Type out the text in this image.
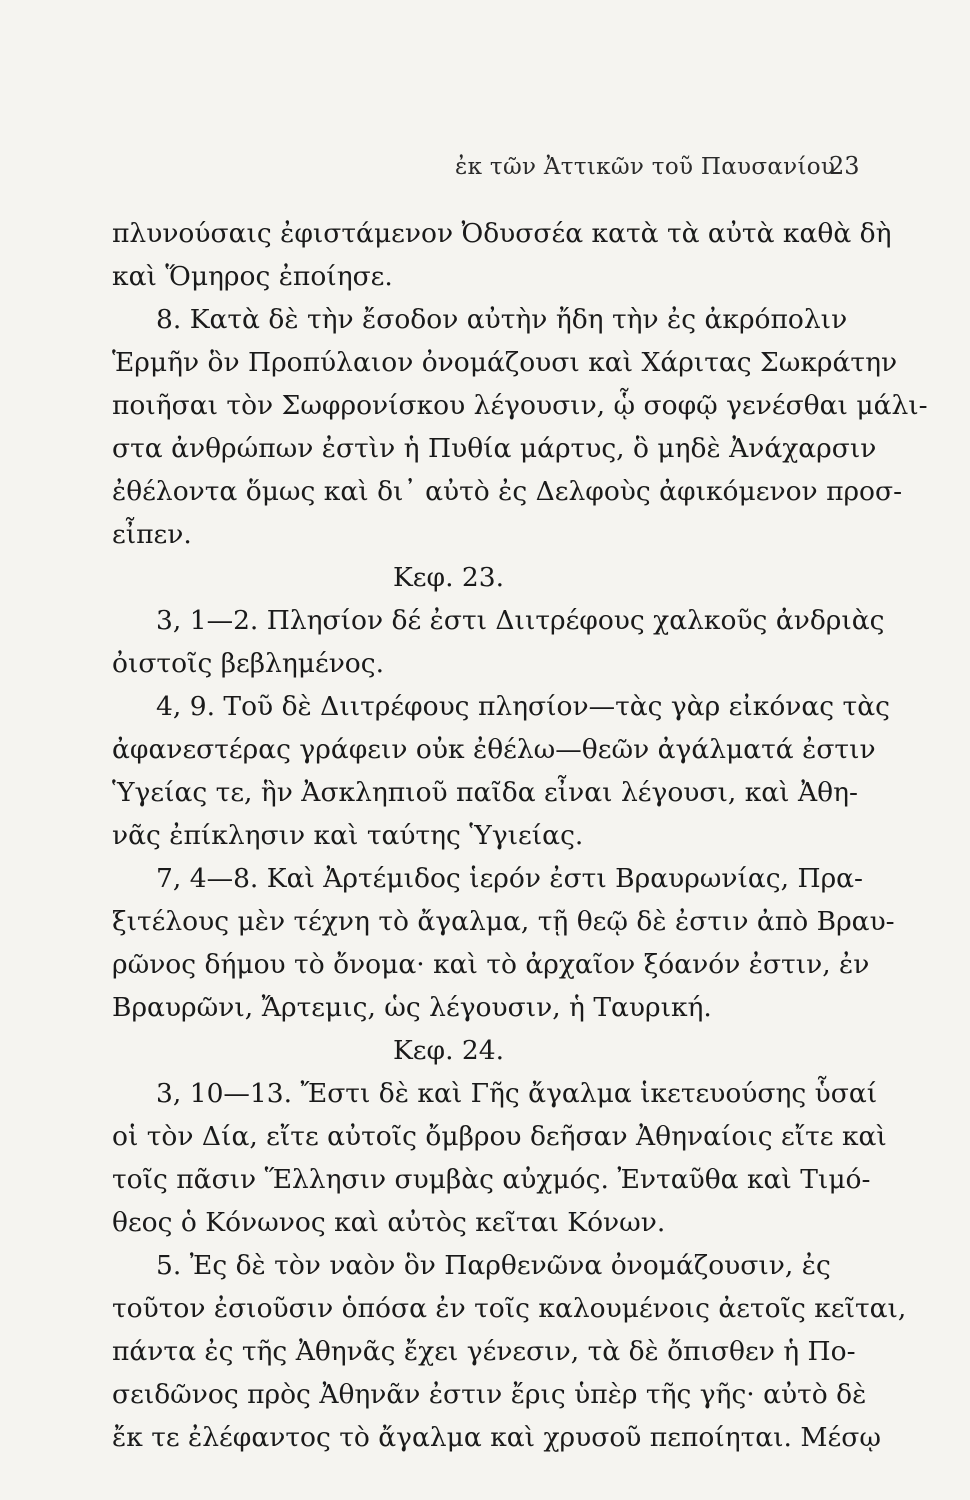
ἐκ τῶν Ἀττικῶν τοῦ Παυσανίου
23
πλυνούσαις ἐφιστάμενον Ὀδυσσέα κατὰ τὰ αὐτὰ καθὰ δὴ
καὶ Ὅμηρος ἐποίησε.
8. Κατὰ δὲ τὴν ἔσοδον αὐτὴν ἤδη τὴν ἐς ἀκρόπολιν
Ἑρμῆν ὃν Προπύλαιον ὀνομάζουσι καὶ Χάριτας Σωκράτην
ποιῆσαι τὸν Σωφρονίσκου λέγουσιν, ᾧ σοφῷ γενέσθαι μάλι-
στα ἀνθρώπων ἐστὶν ἡ Πυθία μάρτυς, ὃ μηδὲ Ἀνάχαρσιν
ἐθέλοντα ὅμως καὶ δι᾽ αὐτὸ ἐς Δελφοὺς ἀφικόμενον προσ-
εἶπεν.
Κεφ. 23.
3, 1—2. Πλησίον δέ ἐστι Διιτρέφους χαλκοῦς ἀνδριὰς
ὀιστοῖς βεβλημένος.
4, 9. Τοῦ δὲ Διιτρέφους πλησίον—τὰς γὰρ εἰκόνας τὰς
ἀφανεστέρας γράφειν οὐκ ἐθέλω—θεῶν ἀγάλματά ἐστιν
Ὑγείας τε, ἣν Ἀσκληπιοῦ παῖδα εἶναι λέγουσι, καὶ Ἀθη-
νᾶς ἐπίκλησιν καὶ ταύτης Ὑγιείας.
7, 4—8. Καὶ Ἀρτέμιδος ἱερόν ἐστι Βραυρωνίας, Πρα-
ξιτέλους μὲν τέχνη τὸ ἄγαλμα, τῇ θεῷ δὲ ἐστιν ἀπὸ Βραυ-
ρῶνος δήμου τὸ ὄνομα· καὶ τὸ ἀρχαῖον ξόανόν ἐστιν, ἐν
Βραυρῶνι, Ἄρτεμις, ὡς λέγουσιν, ἡ Ταυρική.
Κεφ. 24.
3, 10—13. Ἔστι δὲ καὶ Γῆς ἄγαλμα ἱκετευούσης ὗσαί
οἱ τὸν Δία, εἴτε αὐτοῖς ὄμβρου δεῆσαν Ἀθηναίοις εἴτε καὶ
τοῖς πᾶσιν Ἕλλησιν συμβὰς αὐχμός. Ἐνταῦθα καὶ Τιμό-
θεος ὁ Κόνωνος καὶ αὐτὸς κεῖται Κόνων.
5. Ἐς δὲ τὸν ναὸν ὃν Παρθενῶνα ὀνομάζουσιν, ἐς
τοῦτον ἐσιοῦσιν ὁπόσα ἐν τοῖς καλουμένοις ἀετοῖς κεῖται,
πάντα ἐς τῆς Ἀθηνᾶς ἔχει γένεσιν, τὰ δὲ ὄπισθεν ἡ Πο-
σειδῶνος πρὸς Ἀθηνᾶν ἐστιν ἔρις ὑπὲρ τῆς γῆς· αὐτὸ δὲ
ἔκ τε ἐλέφαντος τὸ ἄγαλμα καὶ χρυσοῦ πεποίηται. Μέσῳ
